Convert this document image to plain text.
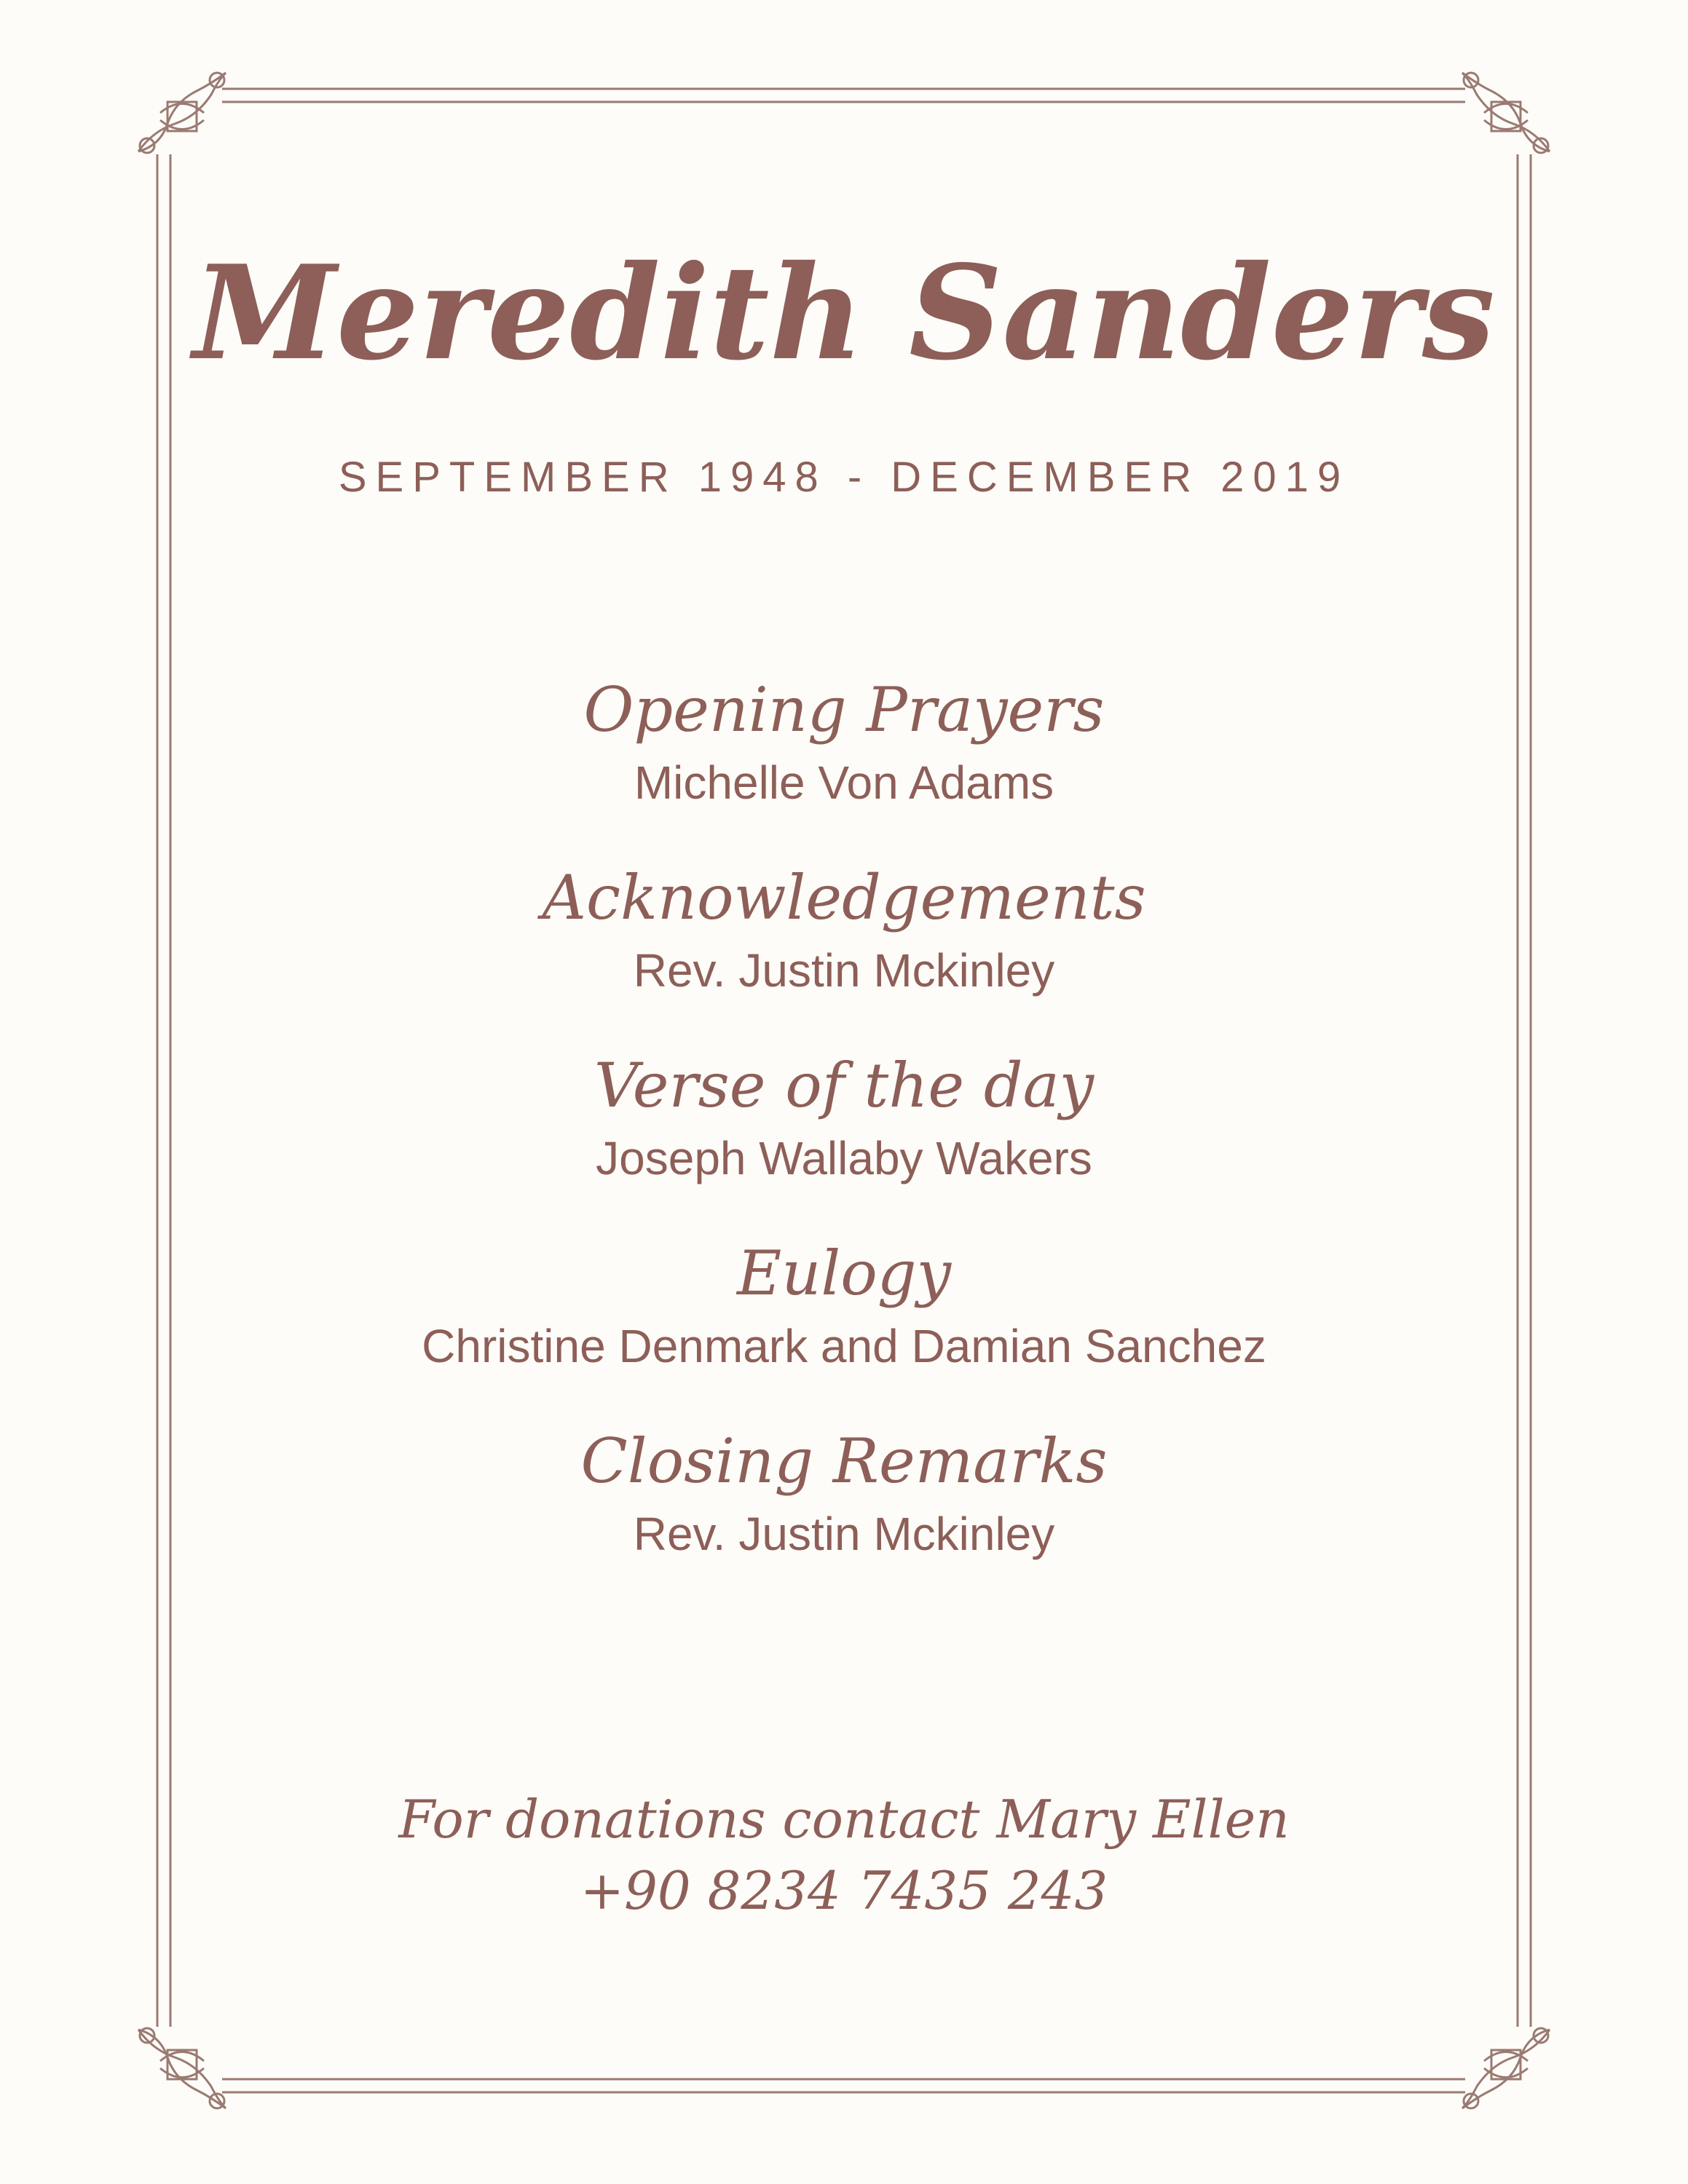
Meredith Sanders
SEPTEMBER 1948 - DECEMBER 2019
Opening Prayers
Michelle Von Adams
Acknowledgements
Rev. Justin Mckinley
Verse of the day
Joseph Wallaby Wakers
Eulogy
Christine Denmark and Damian Sanchez
Closing Remarks
Rev. Justin Mckinley
For donations contact Mary Ellen
+90 8234 7435 243
